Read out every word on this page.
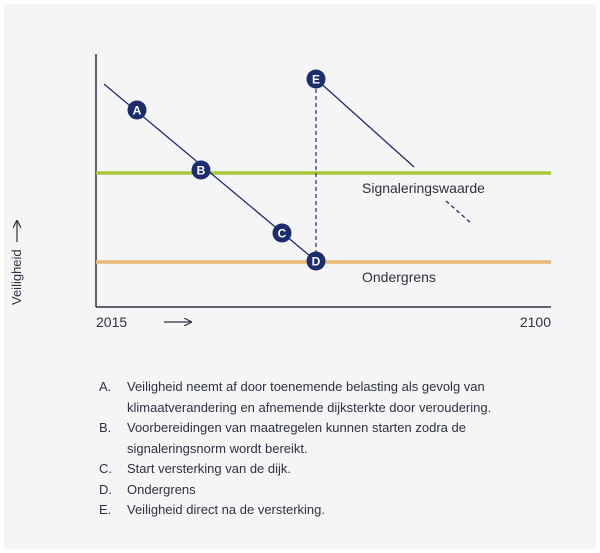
Veiligheid
2015	2100
Signaleringswaarde
Ondergrens
A
B
C
D
E
A.	Veiligheid neemt af door toenemende belasting als gevolg van klimaatverandering en afnemende dijksterkte door veroudering.
B.	Voorbereidingen van maatregelen kunnen starten zodra de signaleringsnorm wordt bereikt.
C.	Start versterking van de dijk.
D.	Ondergrens
E.	Veiligheid direct na de versterking.
